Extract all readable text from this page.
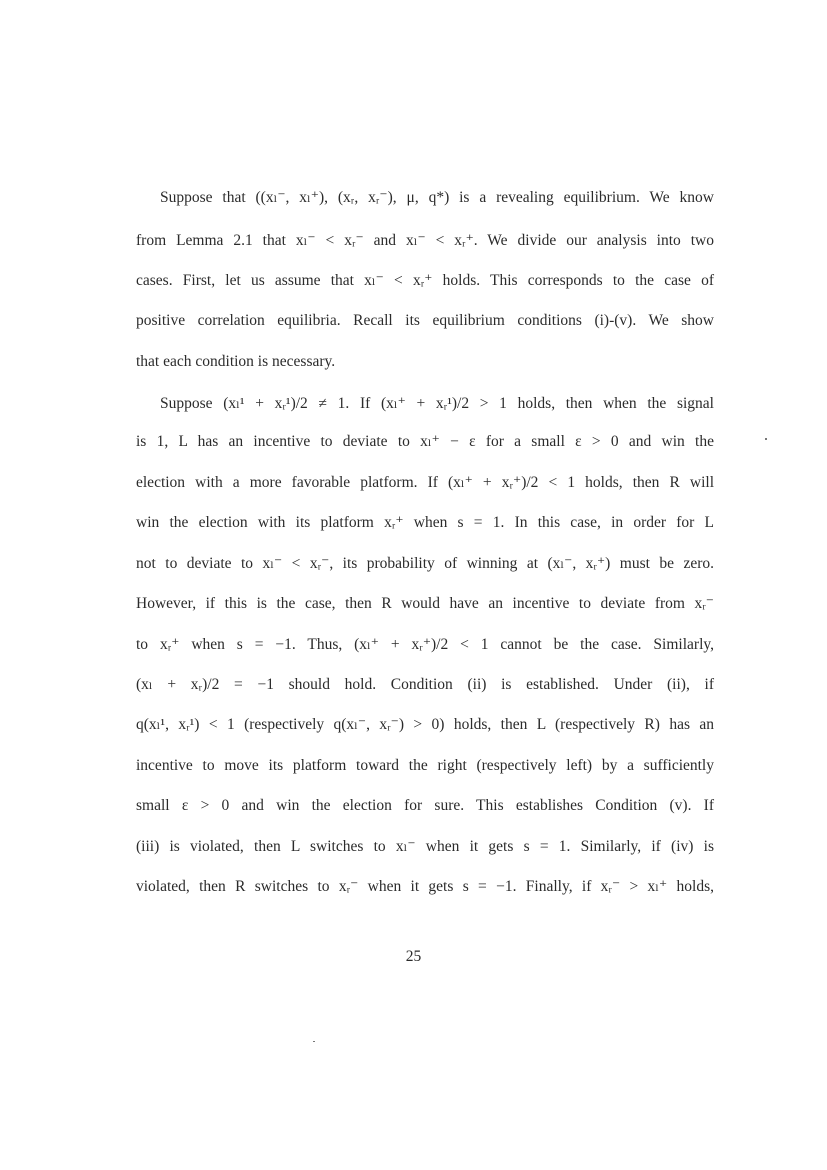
Suppose that ((xₗ⁻, xₗ⁺), (xᵣ, xᵣ⁻), μ, q*) is a revealing equilibrium. We know
from Lemma 2.1 that xₗ⁻ < xᵣ⁻ and xₗ⁻ < xᵣ⁺. We divide our analysis into two
cases. First, let us assume that xₗ⁻ < xᵣ⁺ holds. This corresponds to the case of
positive correlation equilibria. Recall its equilibrium conditions (i)-(v). We show
that each condition is necessary.
Suppose (xₗ¹ + xᵣ¹)/2 ≠ 1. If (xₗ⁺ + xᵣ¹)/2 > 1 holds, then when the signal
is 1, L has an incentive to deviate to xₗ⁺ − ε for a small ε > 0 and win the
election with a more favorable platform. If (xₗ⁺ + xᵣ⁺)/2 < 1 holds, then R will
win the election with its platform xᵣ⁺ when s = 1. In this case, in order for L
not to deviate to xₗ⁻ < xᵣ⁻, its probability of winning at (xₗ⁻, xᵣ⁺) must be zero.
However, if this is the case, then R would have an incentive to deviate from xᵣ⁻
to xᵣ⁺ when s = −1. Thus, (xₗ⁺ + xᵣ⁺)/2 < 1 cannot be the case. Similarly,
(xₗ + xᵣ)/2 = −1 should hold. Condition (ii) is established. Under (ii), if
q(xₗ¹, xᵣ¹) < 1 (respectively q(xₗ⁻, xᵣ⁻) > 0) holds, then L (respectively R) has an
incentive to move its platform toward the right (respectively left) by a sufficiently
small ε > 0 and win the election for sure. This establishes Condition (v). If
(iii) is violated, then L switches to xₗ⁻ when it gets s = 1. Similarly, if (iv) is
violated, then R switches to xᵣ⁻ when it gets s = −1. Finally, if xᵣ⁻ > xₗ⁺ holds,
25
